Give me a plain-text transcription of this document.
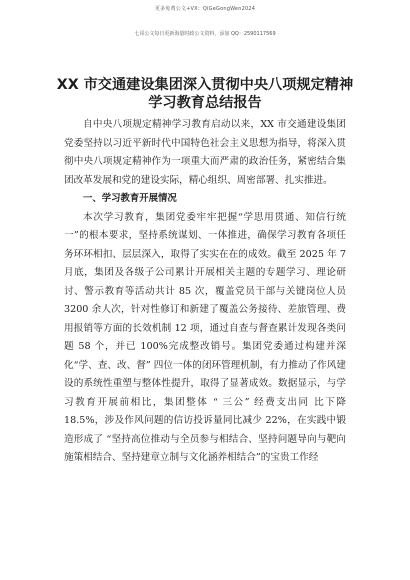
更多免费公文+VX：QiGeGongWen2024
七哥公文每日更新海量时政公文资料，添加 QQ：2590117569
XX 市交通建设集团深入贯彻中央八项规定精神学习教育总结报告

自中央八项规定精神学习教育启动以来，XX 市交通建设集团党委坚持以习近平新时代中国特色社会主义思想为指导，将深入贯彻中央八项规定精神作为一项重大而严肃的政治任务，紧密结合集团改革发展和党的建设实际，精心组织、周密部署、扎实推进。

一、学习教育开展情况

本次学习教育，集团党委牢牢把握“学思用贯通、知信行统一”的根本要求，坚持系统谋划、一体推进，确保学习教育各项任务环环相扣、层层深入，取得了实实在在的成效。截至 2025 年 7 月底，集团及各级子公司累计开展相关主题的专题学习、理论研讨、警示教育等活动共计 85 次，覆盖党员干部与关键岗位人员 3200 余人次，针对性修订和新建了覆盖公务接待、差旅管理、费用报销等方面的长效机制 12 项，通过自查与督查累计发现各类问题 58 个，并已 100%完成整改销号。集团党委通过构建并深化“学、查、改、督” 四位一体的闭环管理机制，有力推动了作风建设的系统性重塑与整体性提升，取得了显著成效。数据显示，与学习教育开展前相比，集团整体 “ 三公” 经费支出同 比下降 18.5%，涉及作风问题的信访投诉量同比减少 22%，在实践中锻造形成了 “坚持高位推动与全员参与相结合、坚持问题导向与靶向施策相结合、坚持建章立制与文化涵养相结合”的宝贵工作经
